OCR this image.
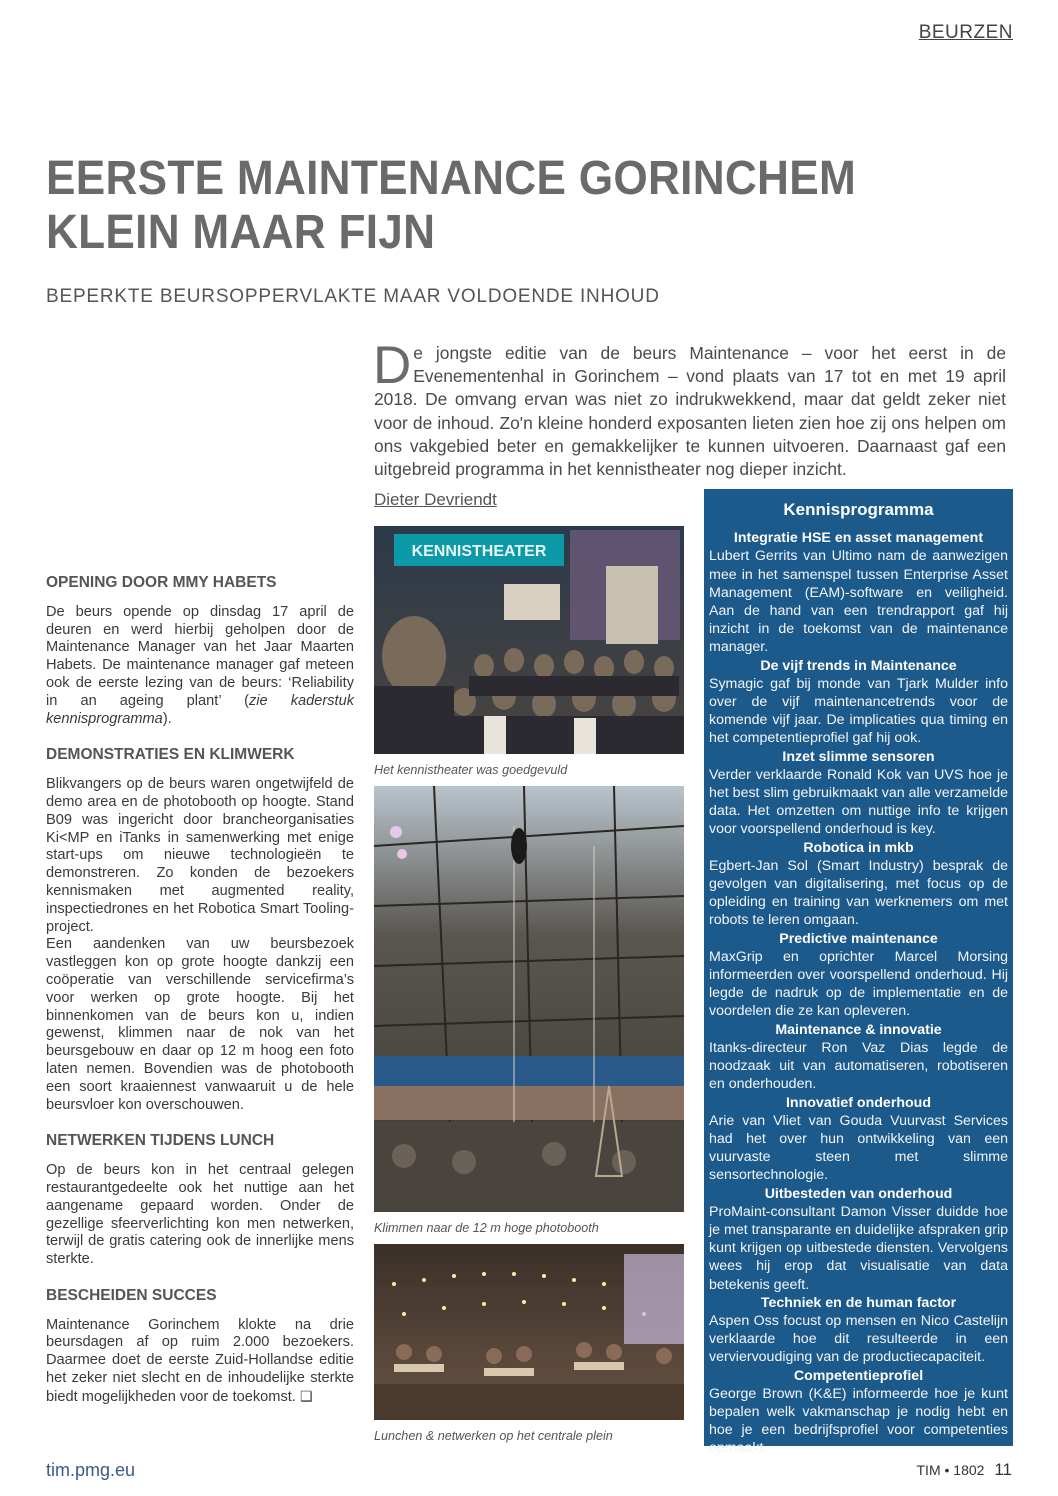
BEURZEN
EERSTE MAINTENANCE GORINCHEM
KLEIN MAAR FIJN
BEPERKTE BEURSOPPERVLAKTE MAAR VOLDOENDE INHOUD
De jongste editie van de beurs Maintenance – voor het eerst in de Evenementenhal in Gorinchem – vond plaats van 17 tot en met 19 april 2018. De omvang ervan was niet zo indrukwekkend, maar dat geldt zeker niet voor de inhoud. Zo'n kleine honderd exposanten lieten zien hoe zij ons helpen om ons vakgebied beter en gemakkelijker te kunnen uitvoeren. Daarnaast gaf een uitgebreid programma in het kennistheater nog dieper inzicht.
Dieter Devriendt
OPENING DOOR MMY HABETS

De beurs opende op dinsdag 17 april de deuren en werd hierbij geholpen door de Maintenance Manager van het Jaar Maarten Habets. De maintenance manager gaf meteen ook de eerste lezing van de beurs: ‘Reliability in an ageing plant’ (zie kaderstuk kennisprogramma).

DEMONSTRATIES EN KLIMWERK

Blikvangers op de beurs waren ongetwijfeld de demo area en de photobooth op hoogte. Stand B09 was ingericht door brancheorganisaties Ki<MP en iTanks in samenwerking met enige start-ups om nieuwe technologieën te demonstreren. Zo konden de bezoekers kennismaken met augmented reality, inspectiedrones en het Robotica Smart Tooling-project.

Een aandenken van uw beursbezoek vastleggen kon op grote hoogte dankzij een coöperatie van verschillende servicefirma’s voor werken op grote hoogte. Bij het binnenkomen van de beurs kon u, indien gewenst, klimmen naar de nok van het beursgebouw en daar op 12 m hoog een foto laten nemen. Bovendien was de photobooth een soort kraaiennest vanwaaruit u de hele beursvloer kon overschouwen.

NETWERKEN TIJDENS LUNCH

Op de beurs kon in het centraal gelegen restaurantgedeelte ook het nuttige aan het aangename gepaard worden. Onder de gezellige sfeerverlichting kon men netwerken, terwijl de gratis catering ook de innerlijke mens sterkte.

BESCHEIDEN SUCCES

Maintenance Gorinchem klokte na drie beursdagen af op ruim 2.000 bezoekers. Daarmee doet de eerste Zuid-Hollandse editie het zeker niet slecht en de inhoudelijke sterkte biedt mogelijkheden voor de toekomst. ❑

KENNISTHEATER
Het kennistheater was goedgevuld
Klimmen naar de 12 m hoge photobooth
Lunchen & netwerken op het centrale plein
Kennisprogramma
Integratie HSE en asset management

Lubert Gerrits van Ultimo nam de aanwezigen mee in het samenspel tussen Enterprise Asset Management (EAM)-software en veiligheid. Aan de hand van een trendrapport gaf hij inzicht in de toekomst van de maintenance manager.

De vijf trends in Maintenance

Symagic gaf bij monde van Tjark Mulder info over de vijf maintenancetrends voor de komende vijf jaar. De implicaties qua timing en het competentieprofiel gaf hij ook.

Inzet slimme sensoren

Verder verklaarde Ronald Kok van UVS hoe je het best slim gebruikmaakt van alle verzamelde data. Het omzetten om nuttige info te krijgen voor voorspellend onderhoud is key.

Robotica in mkb

Egbert-Jan Sol (Smart Industry) besprak de gevolgen van digitalisering, met focus op de opleiding en training van werknemers om met robots te leren omgaan.

Predictive maintenance

MaxGrip en oprichter Marcel Morsing informeerden over voorspellend onderhoud. Hij legde de nadruk op de implementatie en de voordelen die ze kan opleveren.

Maintenance & innovatie

Itanks-directeur Ron Vaz Dias legde de noodzaak uit van automatiseren, robotiseren en onderhouden.

Innovatief onderhoud

Arie van Vliet van Gouda Vuurvast Services had het over hun ontwikkeling van een vuurvaste steen met slimme sensortechnologie.

Uitbesteden van onderhoud

ProMaint-consultant Damon Visser duidde hoe je met transparante en duidelijke afspraken grip kunt krijgen op uitbestede diensten. Vervolgens wees hij erop dat visualisatie van data betekenis geeft.

Techniek en de human factor

Aspen Oss focust op mensen en Nico Castelijn verklaarde hoe dit resulteerde in een verviervoudiging van de productiecapaciteit.

Competentieprofiel

George Brown (K&E) informeerde hoe je kunt bepalen welk vakmanschap je nodig hebt en hoe je een bedrijfsprofiel voor competenties opmaakt.

tim.pmg.eu	TIM • 1802 11
